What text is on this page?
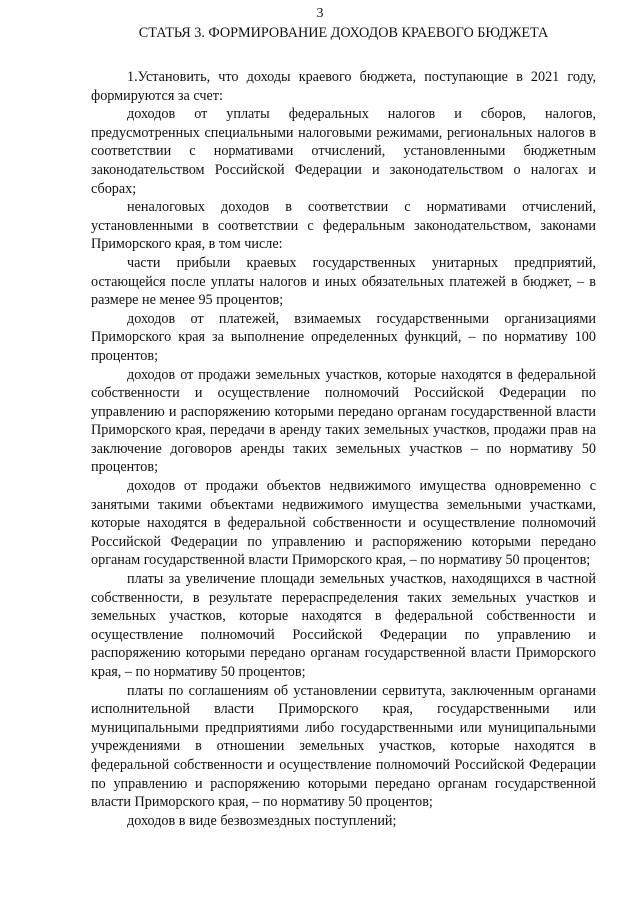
3
СТАТЬЯ 3. ФОРМИРОВАНИЕ ДОХОДОВ КРАЕВОГО БЮДЖЕТА

1.Установить, что доходы краевого бюджета, поступающие в 2021 году, формируются за счет:

доходов от уплаты федеральных налогов и сборов, налогов, предусмотренных специальными налоговыми режимами, региональных налогов в соответствии с нормативами отчислений, установленными бюджетным законодательством Российской Федерации и законодательством о налогах и сборах;

неналоговых доходов в соответствии с нормативами отчислений, установленными в соответствии с федеральным законодательством, законами Приморского края, в том числе:

части прибыли краевых государственных унитарных предприятий, остающейся после уплаты налогов и иных обязательных платежей в бюджет, – в размере не менее 95 процентов;

доходов от платежей, взимаемых государственными организациями Приморского края за выполнение определенных функций, – по нормативу 100 процентов;

доходов от продажи земельных участков, которые находятся в федеральной собственности и осуществление полномочий Российской Федерации по управлению и распоряжению которыми передано органам государственной власти Приморского края, передачи в аренду таких земельных участков, продажи прав на заключение договоров аренды таких земельных участков – по нормативу 50 процентов;

доходов от продажи объектов недвижимого имущества одновременно с занятыми такими объектами недвижимого имущества земельными участками, которые находятся в федеральной собственности и осуществление полномочий Российской Федерации по управлению и распоряжению которыми передано органам государственной власти Приморского края, – по нормативу 50 процентов;

платы за увеличение площади земельных участков, находящихся в частной собственности, в результате перераспределения таких земельных участков и земельных участков, которые находятся в федеральной собственности и осуществление полномочий Российской Федерации по управлению и распоряжению которыми передано органам государственной власти Приморского края, – по нормативу 50 процентов;

платы по соглашениям об установлении сервитута, заключенным органами исполнительной власти Приморского края, государственными или муниципальными предприятиями либо государственными или муниципальными учреждениями в отношении земельных участков, которые находятся в федеральной собственности и осуществление полномочий Российской Федерации по управлению и распоряжению которыми передано органам государственной власти Приморского края, – по нормативу 50 процентов;

доходов в виде безвозмездных поступлений;
